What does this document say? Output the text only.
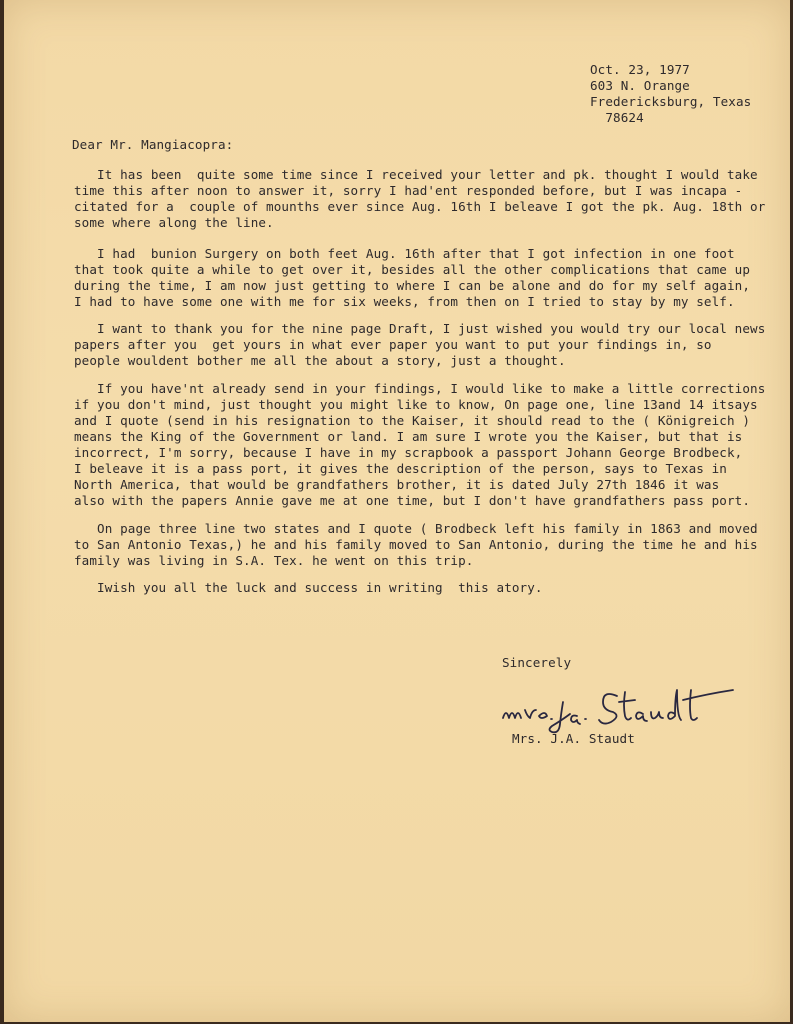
Oct. 23, 1977
603 N. Orange
Fredericksburg, Texas
78624
Dear Mr. Mangiacopra:
It has been  quite some time since I received your letter and pk. thought I would take
time this after noon to answer it, sorry I had'ent responded before, but I was incapa -
citated for a  couple of mounths ever since Aug. 16th I beleave I got the pk. Aug. 18th or
some where along the line.
I had  bunion Surgery on both feet Aug. 16th after that I got infection in one foot
that took quite a while to get over it, besides all the other complications that came up
during the time, I am now just getting to where I can be alone and do for my self again,
I had to have some one with me for six weeks, from then on I tried to stay by my self.
I want to thank you for the nine page Draft, I just wished you would try our local news
papers after you  get yours in what ever paper you want to put your findings in, so
people wouldent bother me all the about a story, just a thought.
If you have'nt already send in your findings, I would like to make a little corrections
if you don't mind, just thought you might like to know, On page one, line 13and 14 itsays
and I quote (send in his resignation to the Kaiser, it should read to the ( Königreich )
means the King of the Government or land. I am sure I wrote you the Kaiser, but that is
incorrect, I'm sorry, because I have in my scrapbook a passport Johann George Brodbeck,
I beleave it is a pass port, it gives the description of the person, says to Texas in
North America, that would be grandfathers brother, it is dated July 27th 1846 it was
also with the papers Annie gave me at one time, but I don't have grandfathers pass port.
On page three line two states and I quote ( Brodbeck left his family in 1863 and moved
to San Antonio Texas,) he and his family moved to San Antonio, during the time he and his
family was living in S.A. Tex. he went on this trip.
Iwish you all the luck and success in writing  this atory.
Sincerely
Mrs. J.A. Staudt
